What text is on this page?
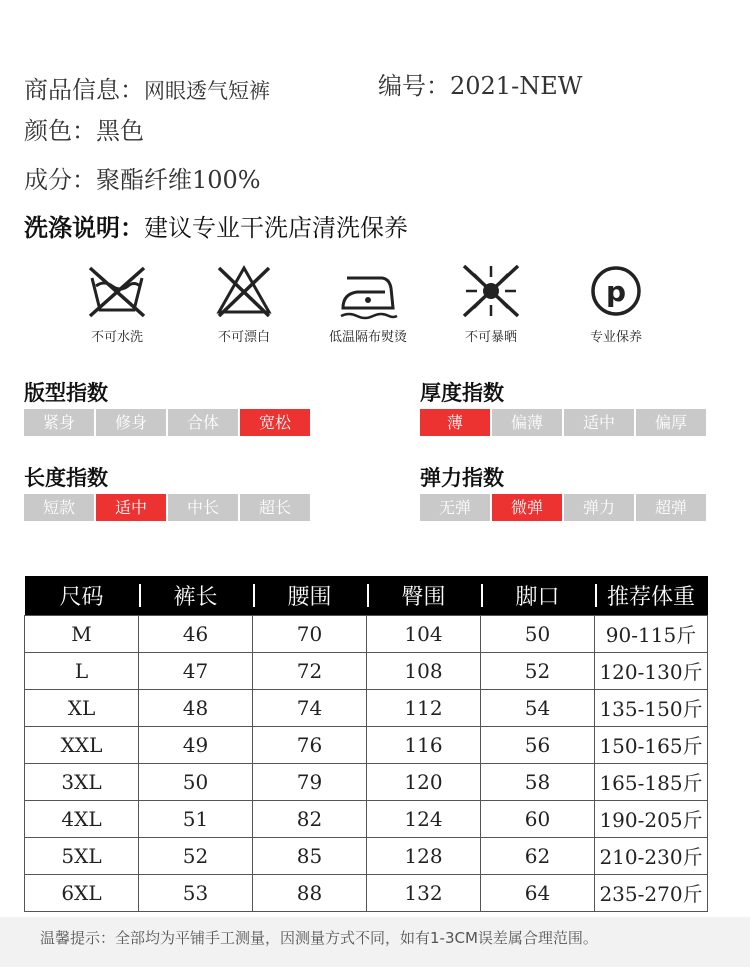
商品信息：网眼透气短裤	编号：2021-NEW
颜色：黑色
成分：聚酯纤维100%
洗涤说明：建议专业干洗店清洗保养
不可水洗	不可漂白	低温隔布熨烫	不可暴晒
p
专业保养
版型指数
紧身	修身	合体	宽松
厚度指数
薄	偏薄	适中	偏厚
长度指数
短款	适中	中长	超长
弹力指数
无弹	微弹	弹力	超弹
尺码	裤长	腰围	臀围	脚口	推荐体重
M	46	70	104	50	90-115斤
L	47	72	108	52	120-130斤
XL	48	74	112	54	135-150斤
XXL	49	76	116	56	150-165斤
3XL	50	79	120	58	165-185斤
4XL	51	82	124	60	190-205斤
5XL	52	85	128	62	210-230斤
6XL	53	88	132	64	235-270斤
温馨提示：全部均为平铺手工测量，因测量方式不同，如有1-3CM误差属合理范围。
